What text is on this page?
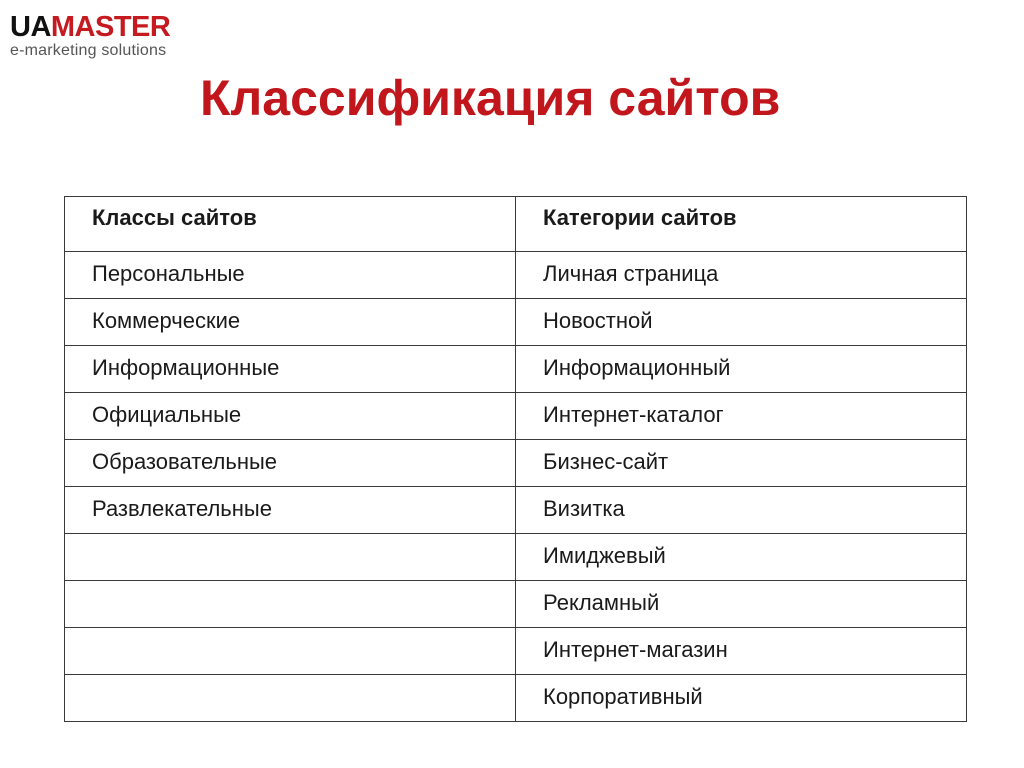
UAMASTER
e-marketing solutions
Классификация сайтов
Классы сайтов	Категории сайтов
Персональные	Личная страница
Коммерческие	Новостной
Информационные	Информационный
Официальные	Интернет-каталог
Образовательные	Бизнес-сайт
Развлекательные	Визитка
	Имиджевый
	Рекламный
	Интернет-магазин
	Корпоративный
